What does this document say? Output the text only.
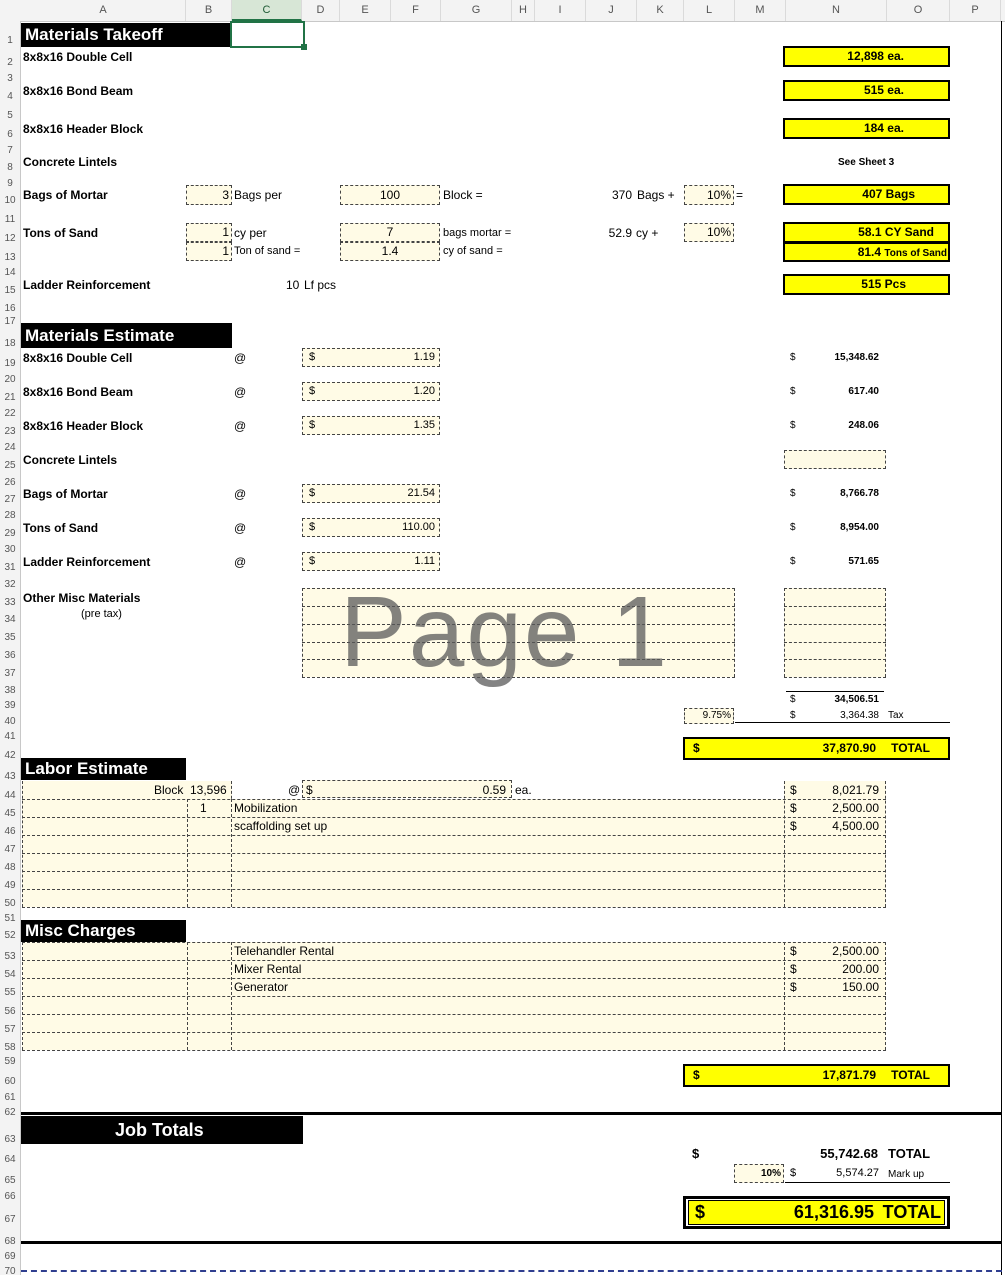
A	B	C	D	E	F	G	H	I	J	K	L	M	N	O	P
1
2
3
4
5
6
7
8
9
10
11
12
13
14
15
16
17
18
19
20
21
22
23
24
25
26
27
28
29
30
31
32
33
34
35
36
37
38
39
40
41
42
43
44
45
46
47
48
49
50
51
52
53
54
55
56
57
58
59
60
61
62
63
64
65
66
67
68
69
70
Materials Takeoff
8x8x16 Double Cell	12,898 ea.
8x8x16 Bond Beam	515 ea.
8x8x16 Header Block	184 ea.
Concrete Lintels	See Sheet 3
Bags of Mortar	3 Bags per	100	Block =	370 Bags +	10% =	407 Bags
Tons of Sand	1 cy per	7	bags mortar =	52.9 cy +	10%	58.1 CY Sand
1 Ton of sand =	1.4	cy of sand =	81.4 Tons of Sand
Ladder Reinforcement	10 Lf pcs	515 Pcs
Materials Estimate
8x8x16 Double Cell	@	$	1.19	$	15,348.62
8x8x16 Bond Beam	@	$	1.20	$	617.40
8x8x16 Header Block	@	$	1.35	$	248.06
Concrete Lintels
Bags of Mortar	@	$	21.54	$	8,766.78
Tons of Sand	@	$	110.00	$	8,954.00
Ladder Reinforcement	@	$	1.11	$	571.65
Other Misc Materials
(pre tax)
$	34,506.51
9.75%	$	3,364.38 Tax
$	37,870.90 TOTAL
Labor Estimate
Block 13,596	@ $	0.59 ea.	$	8,021.79
1 Mobilization	$	2,500.00
scaffolding set up	$	4,500.00
Misc Charges
Telehandler Rental	$	2,500.00
Mixer Rental	$	200.00
Generator	$	150.00
$	17,871.79 TOTAL
Job Totals
$	55,742.68 TOTAL
10% $	5,574.27 Mark up
$	61,316.95 TOTAL
Page 1
